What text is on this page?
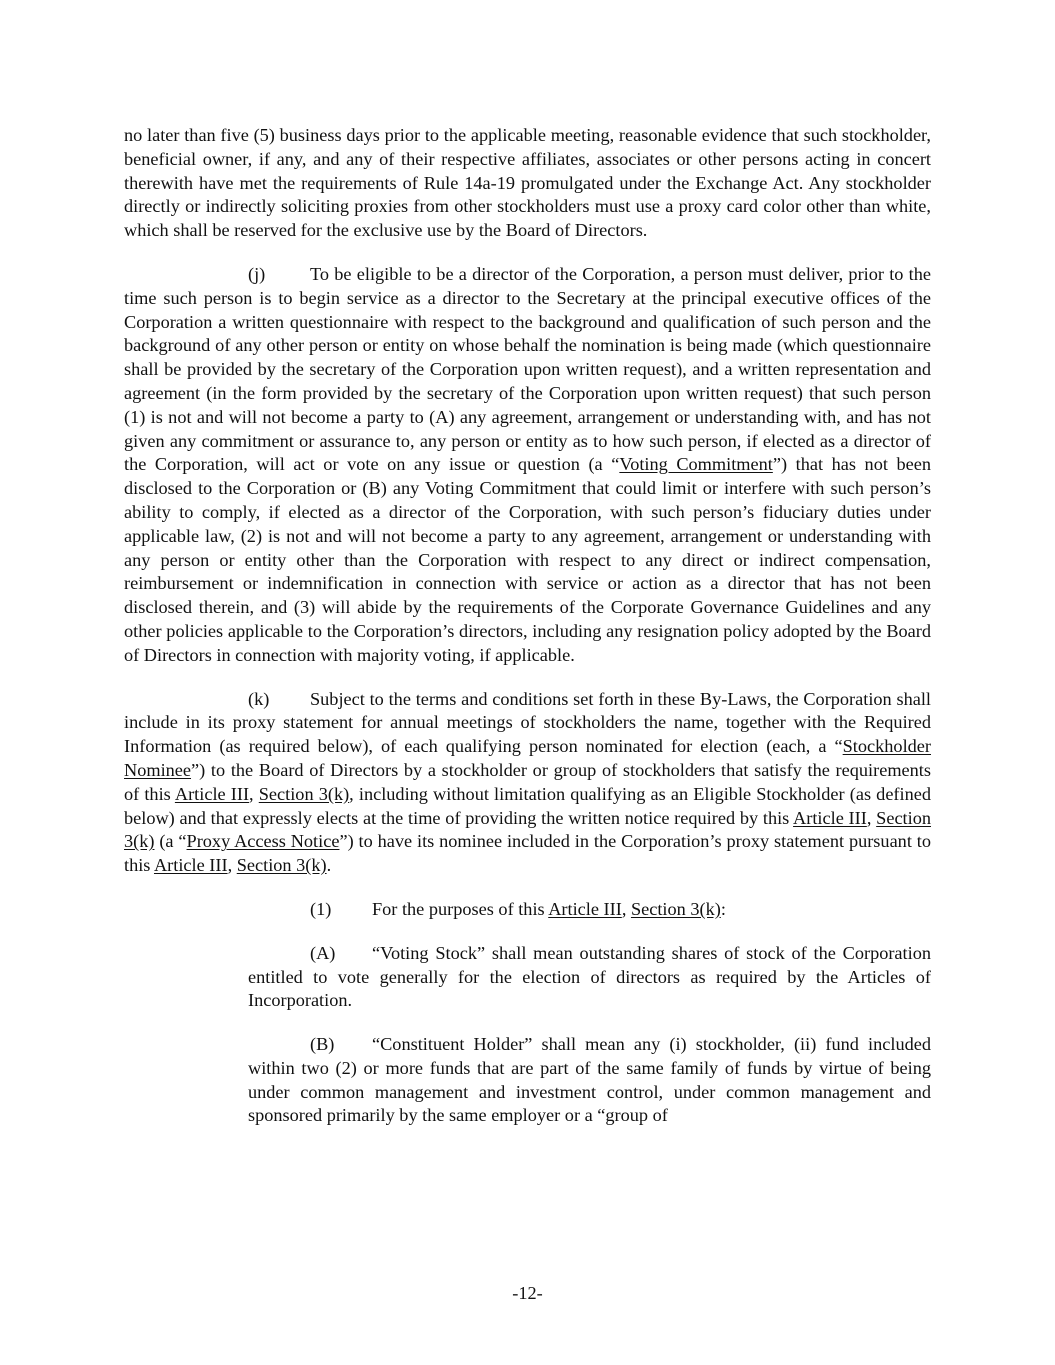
no later than five (5) business days prior to the applicable meeting, reasonable evidence that such stockholder, beneficial owner, if any, and any of their respective affiliates, associates or other persons acting in concert therewith have met the requirements of Rule 14a-19 promulgated under the Exchange Act. Any stockholder directly or indirectly soliciting proxies from other stockholders must use a proxy card color other than white, which shall be reserved for the exclusive use by the Board of Directors.

(j) To be eligible to be a director of the Corporation, a person must deliver, prior to the time such person is to begin service as a director to the Secretary at the principal executive offices of the Corporation a written questionnaire with respect to the background and qualification of such person and the background of any other person or entity on whose behalf the nomination is being made (which questionnaire shall be provided by the secretary of the Corporation upon written request), and a written representation and agreement (in the form provided by the secretary of the Corporation upon written request) that such person (1) is not and will not become a party to (A) any agreement, arrangement or understanding with, and has not given any commitment or assurance to, any person or entity as to how such person, if elected as a director of the Corporation, will act or vote on any issue or question (a “Voting Commitment”) that has not been disclosed to the Corporation or (B) any Voting Commitment that could limit or interfere with such person’s ability to comply, if elected as a director of the Corporation, with such person’s fiduciary duties under applicable law, (2) is not and will not become a party to any agreement, arrangement or understanding with any person or entity other than the Corporation with respect to any direct or indirect compensation, reimbursement or indemnification in connection with service or action as a director that has not been disclosed therein, and (3) will abide by the requirements of the Corporate Governance Guidelines and any other policies applicable to the Corporation’s directors, including any resignation policy adopted by the Board of Directors in connection with majority voting, if applicable.

(k) Subject to the terms and conditions set forth in these By-Laws, the Corporation shall include in its proxy statement for annual meetings of stockholders the name, together with the Required Information (as required below), of each qualifying person nominated for election (each, a “Stockholder Nominee”) to the Board of Directors by a stockholder or group of stockholders that satisfy the requirements of this Article III, Section 3(k), including without limitation qualifying as an Eligible Stockholder (as defined below) and that expressly elects at the time of providing the written notice required by this Article III, Section 3(k) (a “Proxy Access Notice”) to have its nominee included in the Corporation’s proxy statement pursuant to this Article III, Section 3(k).

(1) For the purposes of this Article III, Section 3(k):

(A) “Voting Stock” shall mean outstanding shares of stock of the Corporation entitled to vote generally for the election of directors as required by the Articles of Incorporation.

(B) “Constituent Holder” shall mean any (i) stockholder, (ii) fund included within two (2) or more funds that are part of the same family of funds by virtue of being under common management and investment control, under common management and sponsored primarily by the same employer or a “group of

-12-
